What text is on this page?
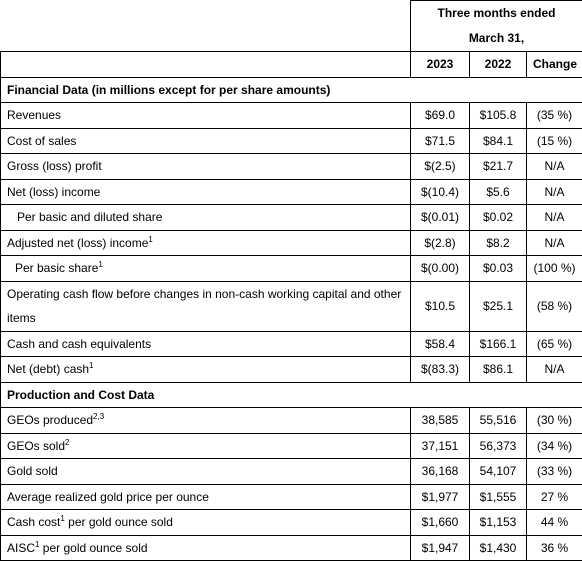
	Three months ended
March 31,		

	2023	2022	Change
Financial Data (in millions except for per share amounts)			
Revenues	$69.0	$105.8	(35 %)
Cost of sales	$71.5	$84.1	(15 %)
Gross (loss) profit	$(2.5)	$21.7	N/A
Net (loss) income	$(10.4)	$5.6	N/A
Per basic and diluted share	$(0.01)	$0.02	N/A
Adjusted net (loss) income$^1$	$(2.8)	$8.2	N/A
Per basic share$^1$	$(0.00)	$0.03	(100 %)
Operating cash flow before changes in non-cash working capital and other items	$10.5	$25.1	(58 %)
Cash and cash equivalents	$58.4	$166.1	(65 %)
Net (debt) cash$^1$	$(83.3)	$86.1	N/A
Production and Cost Data			
GEOs produced$^{2,3}$	38,585	55,516	(30 %)
GEOs sold$^2$	37,151	56,373	(34 %)
Gold sold	36,168	54,107	(33 %)
Average realized gold price per ounce	$1,977	$1,555	27 %
Cash cost$^1$ per gold ounce sold	$1,660	$1,153	44 %
AISC$^1$ per gold ounce sold	$1,947	$1,430	36 %
